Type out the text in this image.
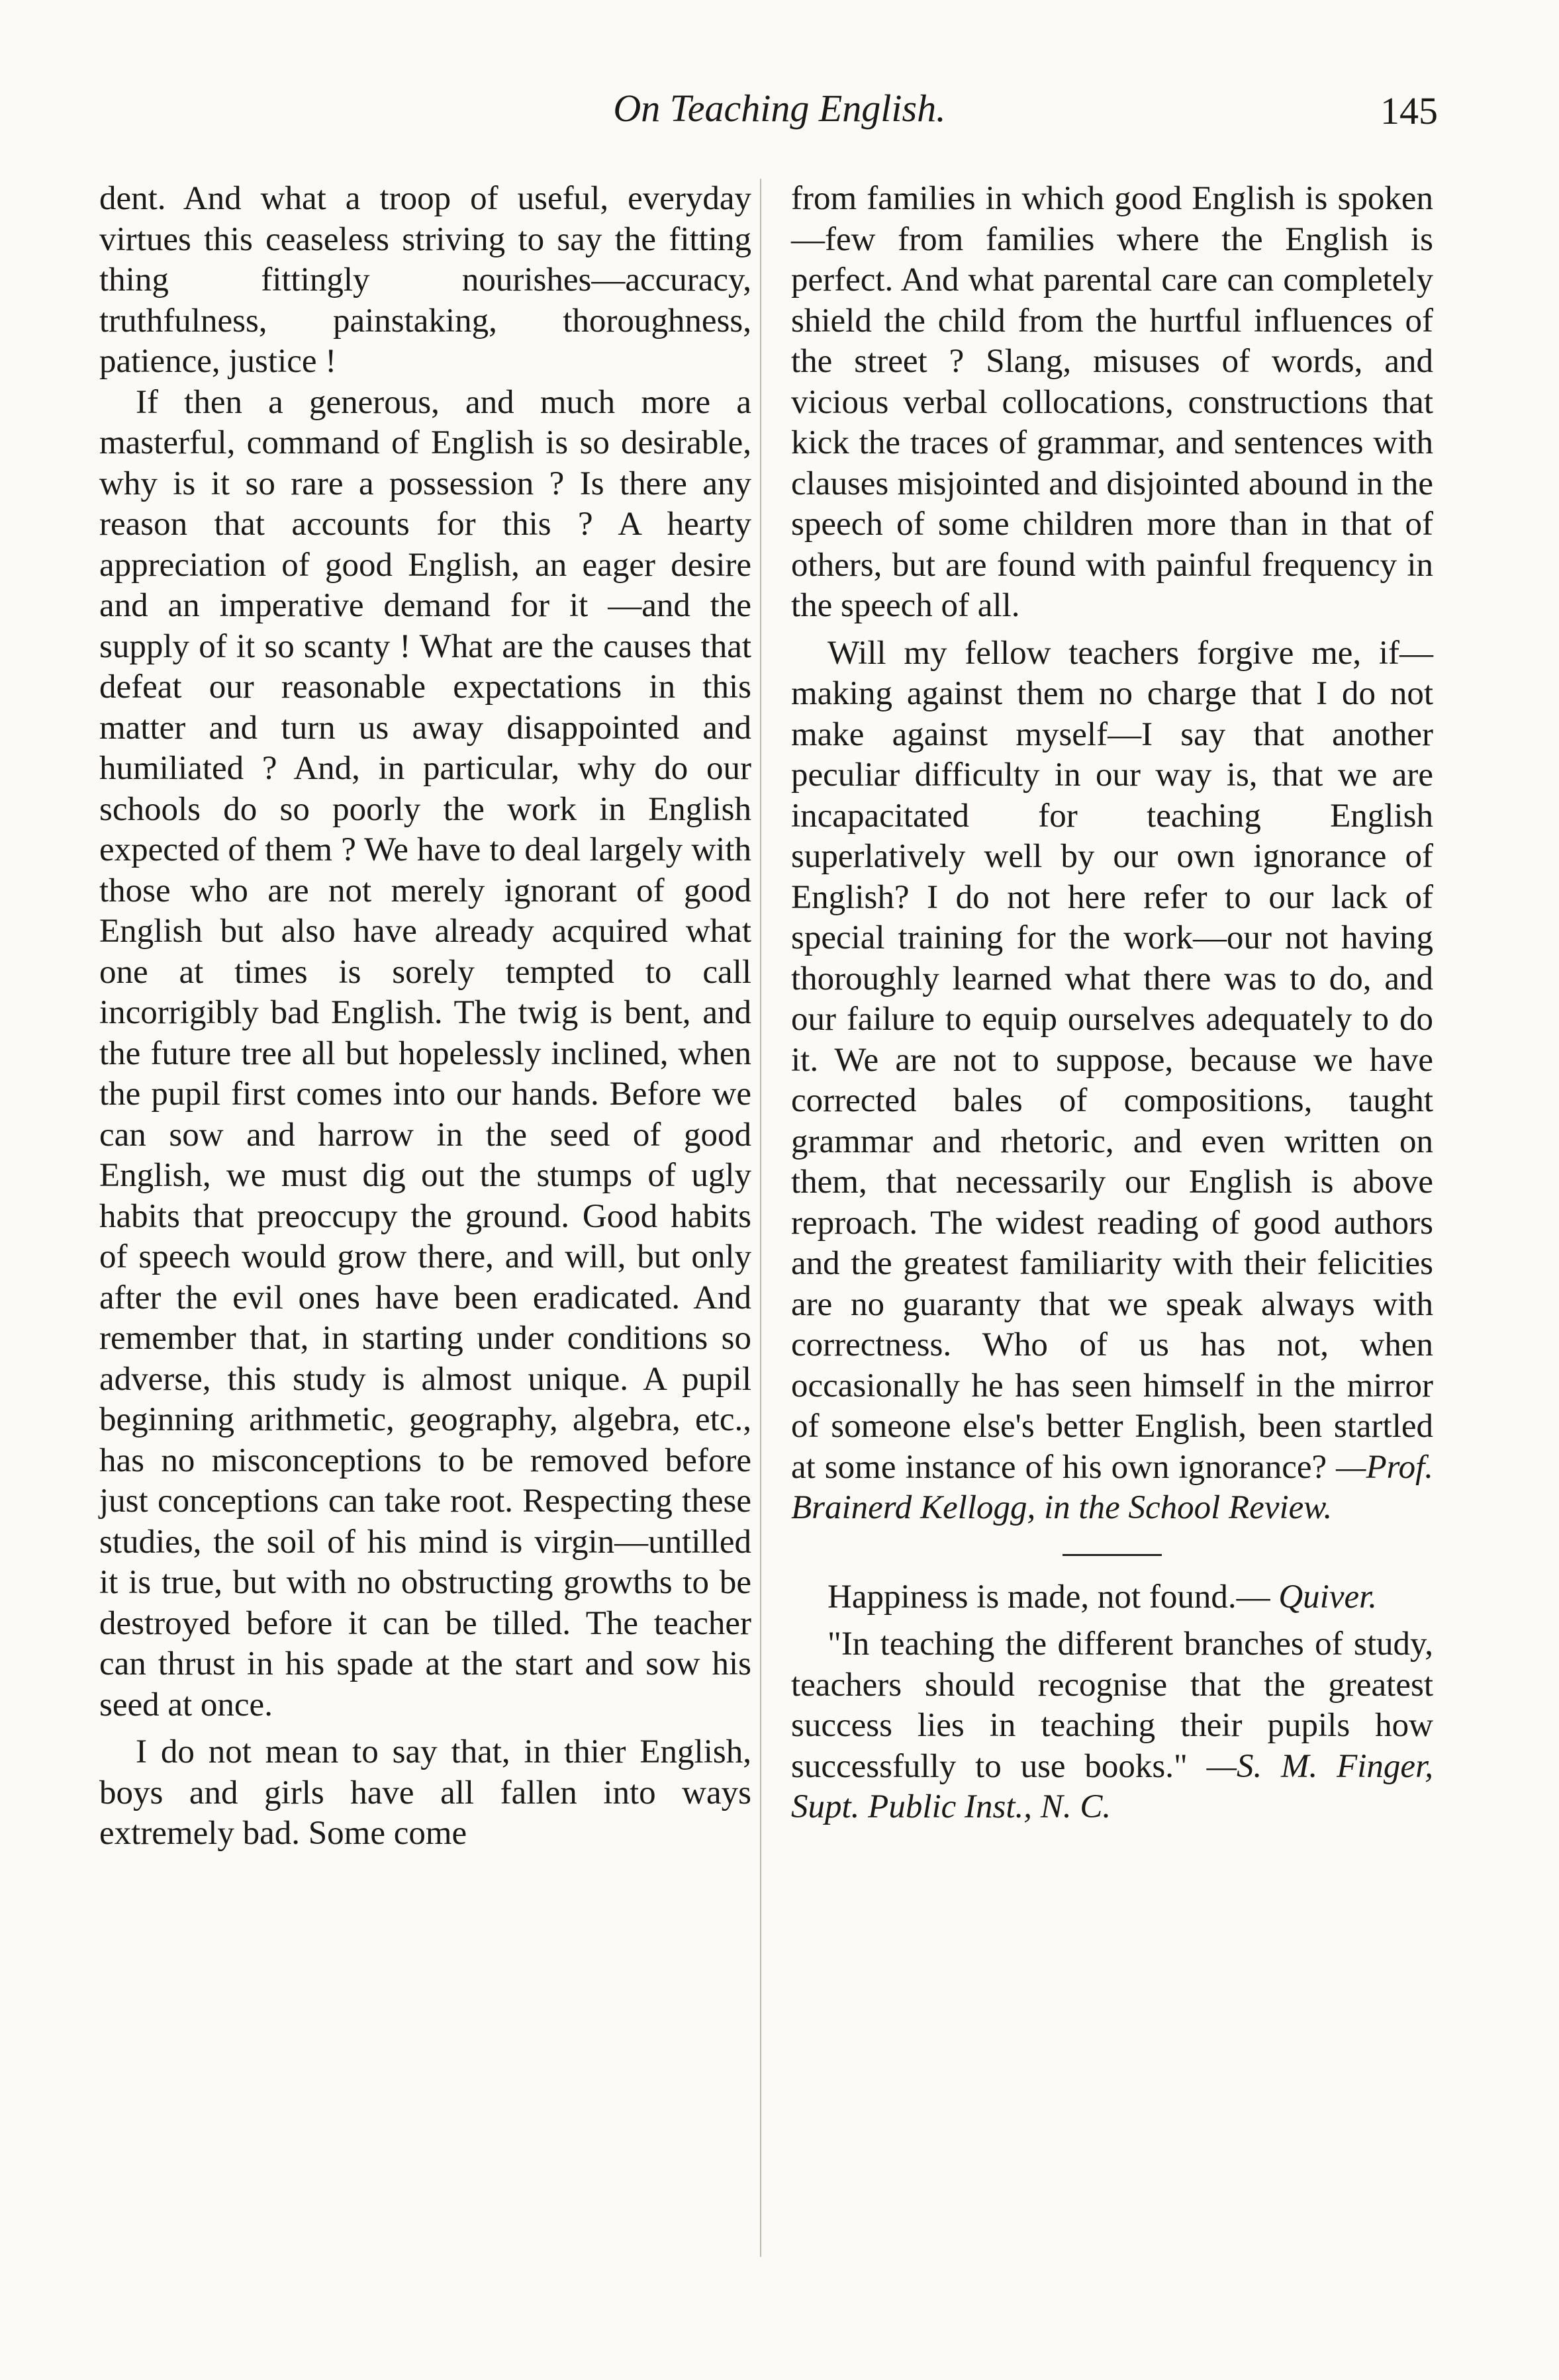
On Teaching English.	145

dent. And what a troop of useful, everyday virtues this ceaseless striving to say the fitting thing fittingly nourishes—accuracy, truthfulness, painstaking, thoroughness, patience, justice !

If then a generous, and much more a masterful, command of English is so desirable, why is it so rare a possession ? Is there any reason that accounts for this ? A hearty appreciation of good English, an eager desire and an imperative demand for it —and the supply of it so scanty ! What are the causes that defeat our reasonable expectations in this matter and turn us away disappointed and humiliated ? And, in particular, why do our schools do so poorly the work in English expected of them ? We have to deal largely with those who are not merely ignorant of good English but also have already acquired what one at times is sorely tempted to call incorrigibly bad English. The twig is bent, and the future tree all but hopelessly inclined, when the pupil first comes into our hands. Before we can sow and harrow in the seed of good English, we must dig out the stumps of ugly habits that preoccupy the ground. Good habits of speech would grow there, and will, but only after the evil ones have been eradicated. And remember that, in starting under conditions so adverse, this study is almost unique. A pupil beginning arithmetic, geography, algebra, etc., has no misconceptions to be removed before just conceptions can take root. Respecting these studies, the soil of his mind is virgin—untilled it is true, but with no obstructing growths to be destroyed before it can be tilled. The teacher can thrust in his spade at the start and sow his seed at once.

I do not mean to say that, in thier English, boys and girls have all fallen into ways extremely bad. Some come

from families in which good English is spoken—few from families where the English is perfect. And what parental care can completely shield the child from the hurtful influences of the street ? Slang, misuses of words, and vicious verbal collocations, constructions that kick the traces of grammar, and sentences with clauses misjointed and disjointed abound in the speech of some children more than in that of others, but are found with painful frequency in the speech of all.

Will my fellow teachers forgive me, if—making against them no charge that I do not make against myself—I say that another peculiar difficulty in our way is, that we are incapacitated for teaching English superlatively well by our own ignorance of English? I do not here refer to our lack of special training for the work—our not having thoroughly learned what there was to do, and our failure to equip ourselves adequately to do it. We are not to suppose, because we have corrected bales of compositions, taught grammar and rhetoric, and even written on them, that necessarily our English is above reproach. The widest reading of good authors and the greatest familiarity with their felicities are no guaranty that we speak always with correctness. Who of us has not, when occasionally he has seen himself in the mirror of someone else's better English, been startled at some instance of his own ignorance? —Prof. Brainerd Kellogg, in the School Review.

Happiness is made, not found.— Quiver.

"In teaching the different branches of study, teachers should recognise that the greatest success lies in teaching their pupils how successfully to use books." —S. M. Finger, Supt. Public Inst., N. C.
